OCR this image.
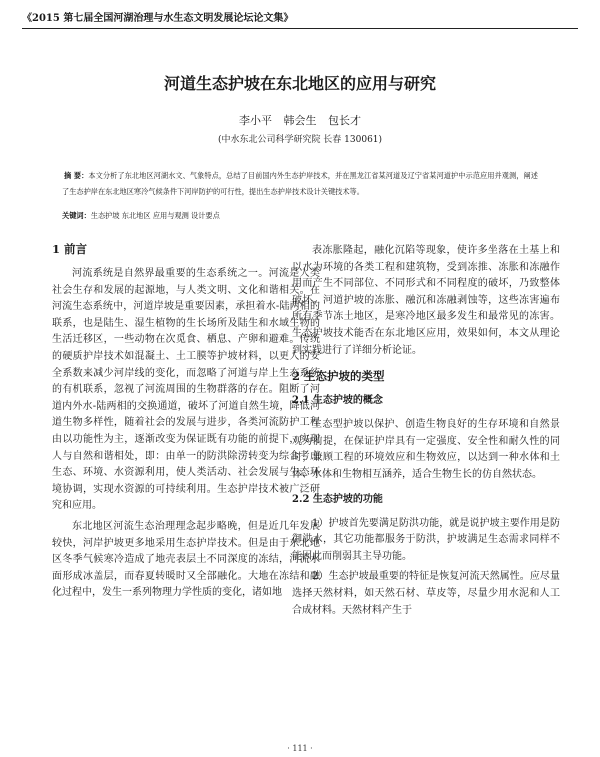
《2015 第七届全国河湖治理与水生态文明发展论坛论文集》
河道生态护坡在东北地区的应用与研究
李小平 韩会生 包长才
(中水东北公司科学研究院 长春 130061)
摘 要：本文分析了东北地区河湖水文、气象特点，总结了目前国内外生态护岸技术，并在黑龙江省某河道及辽宁省某河道护中示范应用并观测，阐述了生态护岸在东北地区寒冷气候条件下河岸防护的可行性，提出生态护岸技术设计关键技术等。
关键词：生态护坡 东北地区 应用与观测 设计要点
1 前言

河流系统是自然界最重要的生态系统之一。河流是人类社会生存和发展的起源地，与人类文明、文化和谐相关。在河流生态系统中，河道岸坡是重要因素，承担着水-陆两相的联系，也是陆生、湿生植物的生长场所及陆生和水域生物的生活迁移区，一些动物在次觅食、栖息、产卵和避难。传统的硬质护岸技术如混凝土、土工膜等护坡材料，以更人的安全系数来减少河岸线的变化，而忽略了河道与岸上生态系统的有机联系，忽视了河流周围的生物群落的存在。阻断了河道内外水-陆两相的交换通道，破坏了河道自然生境，降低河道生物多样性，随着社会的发展与进步，各类河流防护工程由以功能性为主，逐渐改变为保证既有功能的前提下，实现人与自然和谐相处，即：由单一的防洪除涝转变为综合考虑生态、环境、水资源利用，使人类活动、社会发展与生态环境协调，实现水资源的可持续利用。生态护岸技术被广泛研究和应用。

东北地区河流生态治理理念起步略晚，但是近几年发展较快，河岸护坡更多地采用生态护岸技术。但是由于东北地区冬季气候寒冷造成了地壳表层土不同深度的冻结，河流水面形成冰盖层，而春夏转暖时又全部融化。大地在冻结和融化过程中，发生一系列物理力学性质的变化，诸如地

表冻胀隆起，融化沉陷等现象，使许多坐落在土基上和以水为环境的各类工程和建筑物，受到冻推、冻胀和冻融作用而产生不同部位、不同形式和不同程度的破坏，乃致整体破坏。河道护坡的冻胀、融沉和冻融剥蚀等，这些冻害遍布所有季节冻土地区，是寒冷地区最多发生和最常见的冻害。生态护坡技术能否在东北地区应用，效果如何，本文从理论到实践进行了详细分析论证。

2 生态护坡的类型
2.1 生态护坡的概念

生态型护坡以保护、创造生物良好的生存环境和自然景观为前提，在保证护岸具有一定强度、安全性和耐久性的同时，兼顾工程的环境效应和生物效应，以达到一种水体和土体、水体和生物相互涵养，适合生物生长的仿自然状态。

2.2 生态护坡的功能

1）护坡首先要满足防洪功能，就是说护坡主要作用是防御洪水，其它功能都服务于防洪，护坡满足生态需求同样不能因此而削弱其主导功能。

2）生态护坡最重要的特征是恢复河流天然属性。应尽量选择天然材料，如天然石材、草皮等，尽量少用水泥和人工合成材料。天然材料产生于

· 111 ·
